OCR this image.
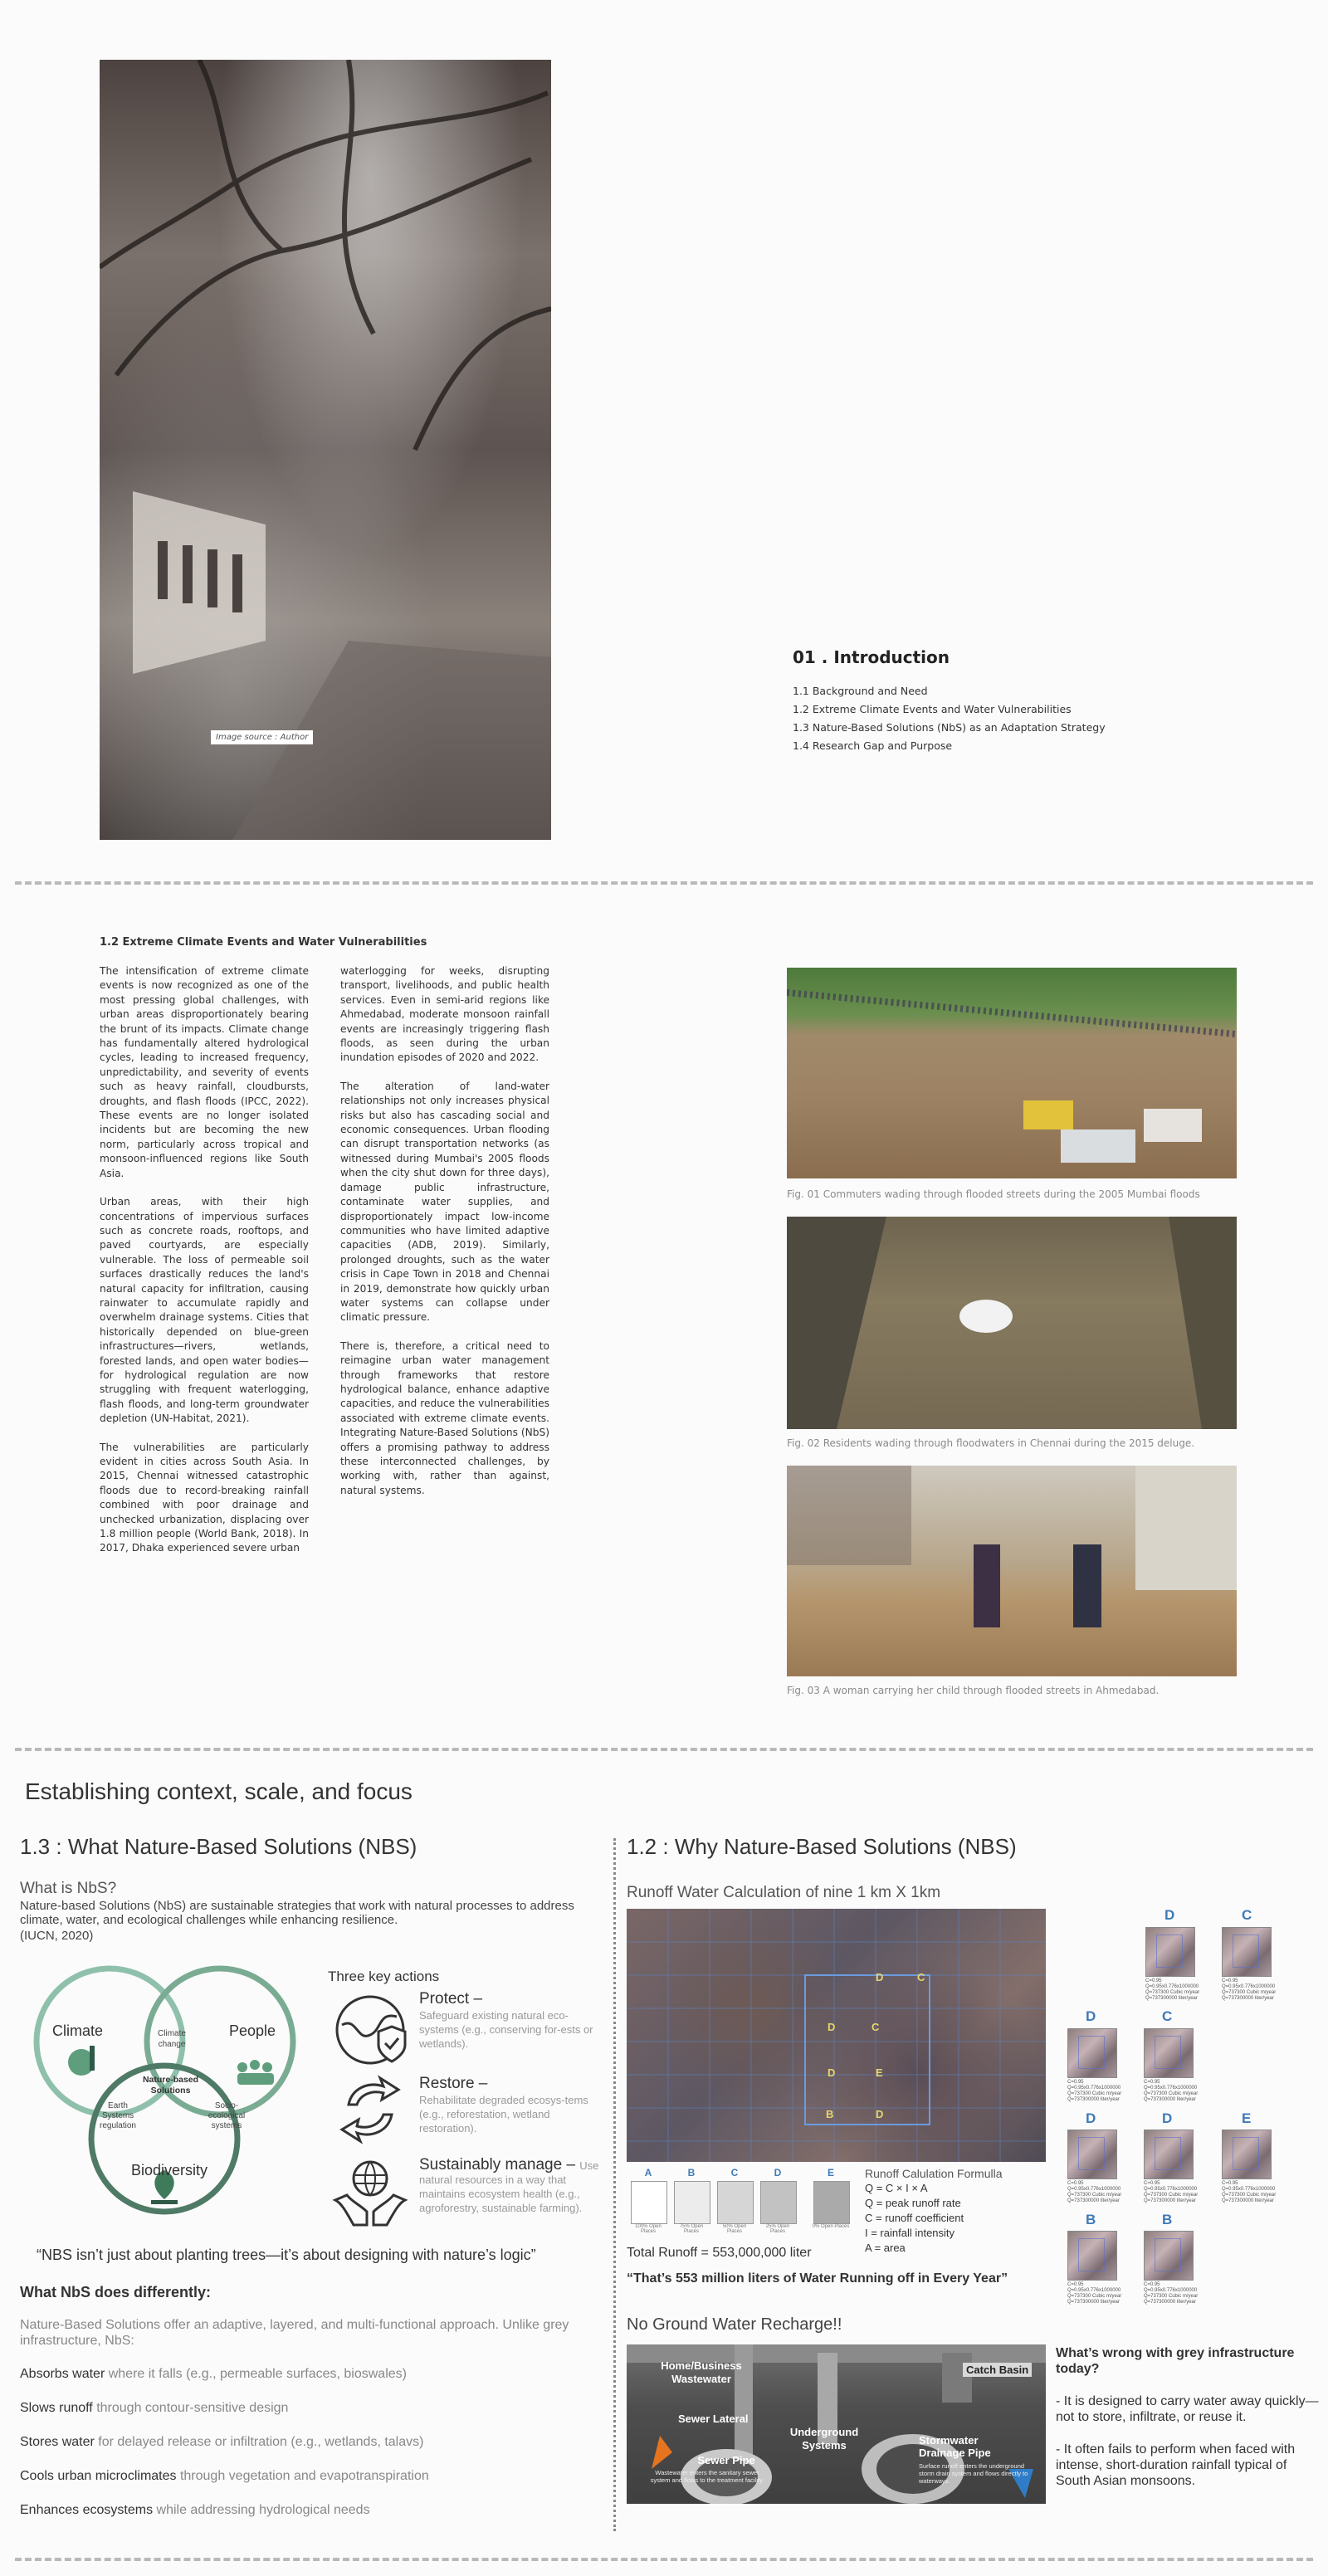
Image source : Author
01 . Introduction

1.1 Background and Need

1.2 Extreme Climate Events and Water Vulnerabilities

1.3 Nature-Based Solutions (NbS) as an Adaptation Strategy

1.4 Research Gap and Purpose

1.2 Extreme Climate Events and Water Vulnerabilities

The intensification of extreme climate events is now recognized as one of the most pressing global challenges, with urban areas disproportionately bearing the brunt of its impacts. Climate change has fundamentally altered hydrological cycles, leading to increased frequency, unpredictability, and severity of events such as heavy rainfall, cloudbursts, droughts, and flash floods (IPCC, 2022). These events are no longer isolated incidents but are becoming the new norm, particularly across tropical and monsoon-influenced regions like South Asia.

Urban areas, with their high concentrations of impervious surfaces such as concrete roads, rooftops, and paved courtyards, are especially vulnerable. The loss of permeable soil surfaces drastically reduces the land's natural capacity for infiltration, causing rainwater to accumulate rapidly and overwhelm drainage systems. Cities that historically depended on blue-green infrastructures—rivers, wetlands, forested lands, and open water bodies—for hydrological regulation are now struggling with frequent waterlogging, flash floods, and long-term groundwater depletion (UN-Habitat, 2021).

The vulnerabilities are particularly evident in cities across South Asia. In 2015, Chennai witnessed catastrophic floods due to record-breaking rainfall combined with poor drainage and unchecked urbanization, displacing over 1.8 million people (World Bank, 2018). In 2017, Dhaka experienced severe urban

waterlogging for weeks, disrupting transport, livelihoods, and public health services. Even in semi-arid regions like Ahmedabad, moderate monsoon rainfall events are increasingly triggering flash floods, as seen during the urban inundation episodes of 2020 and 2022.

The alteration of land-water relationships not only increases physical risks but also has cascading social and economic consequences. Urban flooding can disrupt transportation networks (as witnessed during Mumbai's 2005 floods when the city shut down for three days), damage public infrastructure, contaminate water supplies, and disproportionately impact low-income communities who have limited adaptive capacities (ADB, 2019). Similarly, prolonged droughts, such as the water crisis in Cape Town in 2018 and Chennai in 2019, demonstrate how quickly urban water systems can collapse under climatic pressure.

There is, therefore, a critical need to reimagine urban water management through frameworks that restore hydrological balance, enhance adaptive capacities, and reduce the vulnerabilities associated with extreme climate events. Integrating Nature-Based Solutions (NbS) offers a promising pathway to address these interconnected challenges, by working with, rather than against, natural systems.

Fig. 01 Commuters wading through flooded streets during the 2005 Mumbai floods
Fig. 02 Residents wading through floodwaters in Chennai during the 2015 deluge.
Fig. 03 A woman carrying her child through flooded streets in Ahmedabad.
Establishing context, scale, and focus
1.3 : What Nature-Based Solutions (NBS)
What is NbS?
Nature-based Solutions (NbS) are sustainable strategies that work with natural processes to address climate, water, and ecological challenges while enhancing resilience.
(IUCN, 2020)
Climate	People
Biodiversity
Climate change
Nature-based Solutions
Earth Systems regulation
Socio-ecological systems
Three key actions

Protect –

Safeguard existing natural eco-systems (e.g., conserving for-ests or wetlands).

Restore –

Rehabilitate degraded ecosys-tems (e.g., reforestation, wetland restoration).

Sustainably manage – Use natural resources in a way that maintains ecosystem health (e.g., agroforestry, sustainable farming).

“NBS isn’t just about planting trees—it’s about designing with nature’s logic”
What NbS does differently:
Nature-Based Solutions offer an adaptive, layered, and multi-functional approach. Unlike grey infrastructure, NbS:

Absorbs water where it falls (e.g., permeable surfaces, bioswales)

Slows runoff through contour-sensitive design

Stores water for delayed release or infiltration (e.g., wetlands, talavs)

Cools urban microclimates through vegetation and evapotranspiration

Enhances ecosystems while addressing hydrological needs

1.2 : Why Nature-Based Solutions (NBS)
Runoff Water Calculation of nine 1 km X 1km
D	C
D	C
D	E
B	D
A
100% Open Places
B
75% Open Places
C
50% Open Places
D
25% Open Places
E
0% Open Places

Runoff Calulation Formulla

Q = C × I × A

Q = peak runoff rate

C = runoff coefficient

I = rainfall intensity

A = area

Total Runoff = 553,000,000 liter
“That’s 553 million liters of Water Running off in Every Year”
D
C=0.95
Q=0.95x0.776x1000000
Q=737300 Cubic m/year
Q=737300000 liter/year
C
C=0.95
Q=0.95x0.776x1000000
Q=737300 Cubic m/year
Q=737300000 liter/year
D
C=0.95
Q=0.95x0.776x1000000
Q=737300 Cubic m/year
Q=737300000 liter/year
C
C=0.95
Q=0.95x0.776x1000000
Q=737300 Cubic m/year
Q=737300000 liter/year
D
C=0.95
Q=0.95x0.776x1000000
Q=737300 Cubic m/year
Q=737300000 liter/year
D
C=0.95
Q=0.95x0.776x1000000
Q=737300 Cubic m/year
Q=737300000 liter/year
E
C=0.95
Q=0.95x0.776x1000000
Q=737300 Cubic m/year
Q=737300000 liter/year
B
C=0.95
Q=0.95x0.776x1000000
Q=737300 Cubic m/year
Q=737300000 liter/year
B
C=0.95
Q=0.95x0.776x1000000
Q=737300 Cubic m/year
Q=737300000 liter/year
No Ground Water Recharge!!
Home/Business Wastewater
Catch Basin
Sewer Lateral
Underground Systems
Sewer Pipe
Wastewater enters the sanitary sewer system and flows to the treatment facility.
Stormwater Drainage Pipe
Surface runoff enters the underground storm drain system and flows directly to waterways.
What’s wrong with grey infrastructure today?
- It is designed to carry water away quickly—not to store, infiltrate, or reuse it.
- It often fails to perform when faced with intense, short-duration rainfall typical of South Asian monsoons.
